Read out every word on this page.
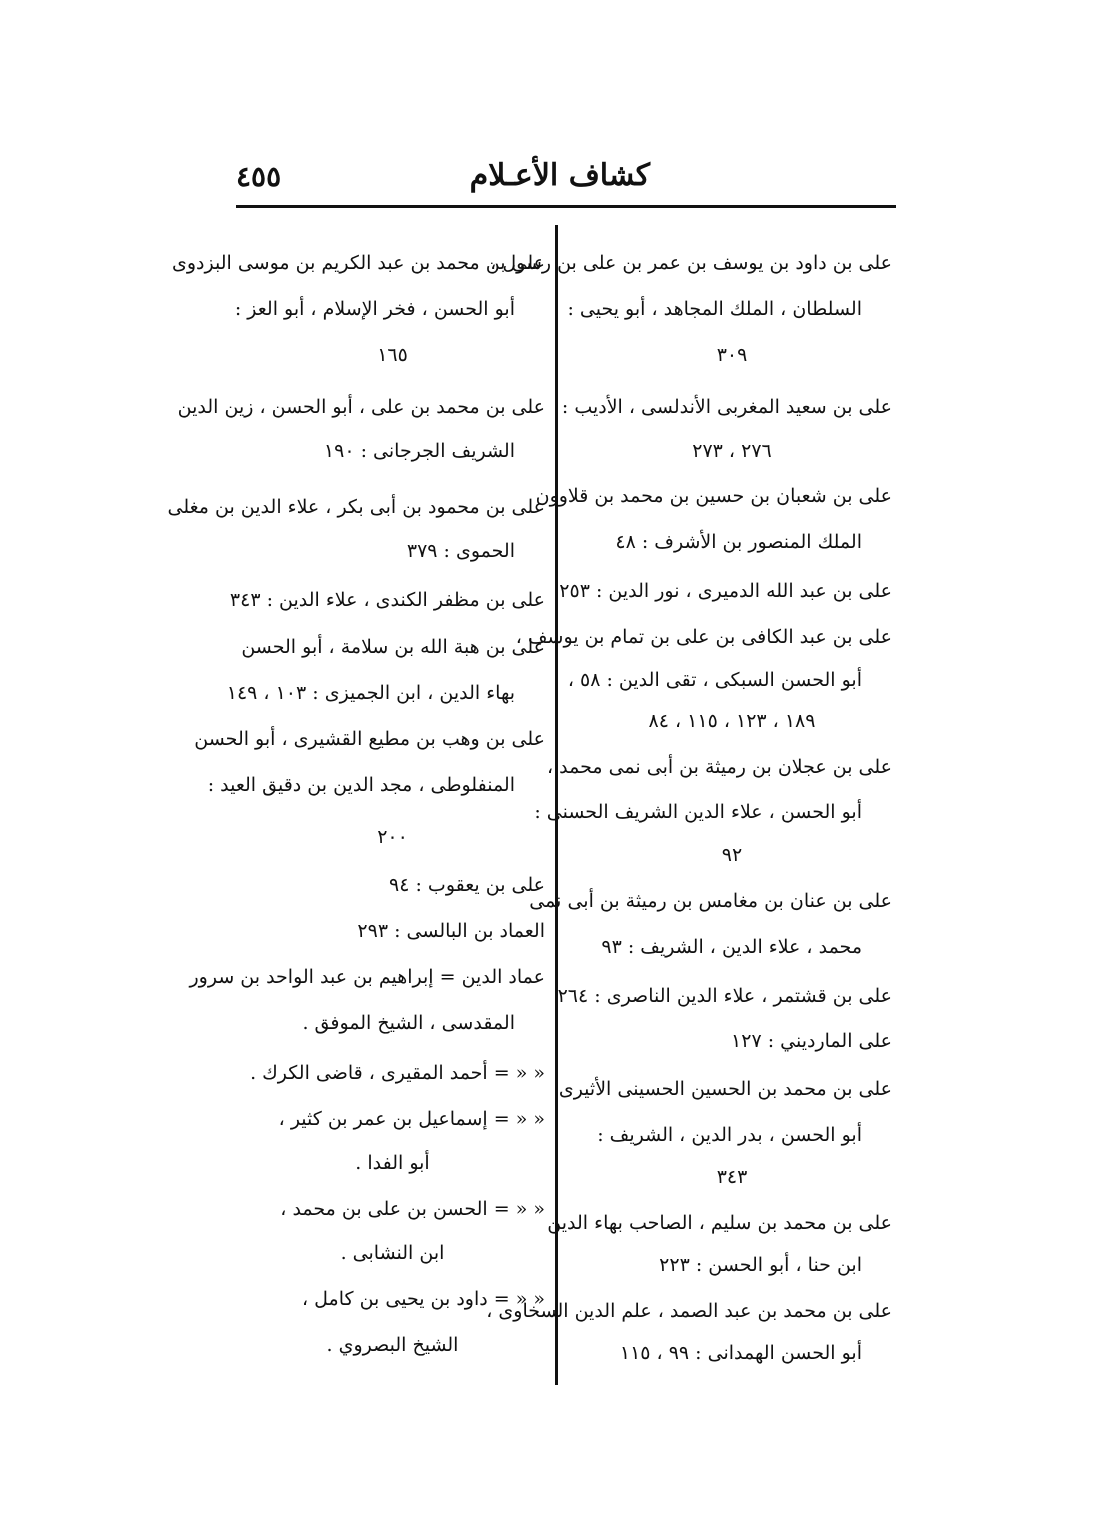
كشاف الأعـلام
٤٥٥
على بن داود بن يوسف بن عمر بن على بن رسول ،
السلطان ، الملك المجاهد ، أبو يحيى :
٣٠٩
على بن سعيد المغربى الأندلسى ، الأديب :
٢٧٦ ، ٢٧٣
على بن شعبان بن حسين بن محمد بن قلاوون
الملك المنصور بن الأشرف : ٤٨
على بن عبد الله الدميرى ، نور الدين : ٢٥٣
على بن عبد الكافى بن على بن تمام بن يوسف ،
أبو الحسن السبكى ، تقى الدين : ٥٨ ،
١٨٩ ، ١٢٣ ، ١١٥ ، ٨٤
على بن عجلان بن رميثة بن أبى نمى محمد ،
أبو الحسن ، علاء الدين الشريف الحسنى :
٩٢
على بن عنان بن مغامس بن رميثة بن أبى نمى
محمد ، علاء الدين ، الشريف : ٩٣
على بن قشتمر ، علاء الدين الناصرى : ٢٦٤
على المارديني : ١٢٧
على بن محمد بن الحسين الحسينى الأثيرى
أبو الحسن ، بدر الدين ، الشريف :
٣٤٣
على بن محمد بن سليم ، الصاحب بهاء الدين
ابن حنا ، أبو الحسن : ٢٢٣
على بن محمد بن عبد الصمد ، علم الدين السخاوى ،
أبو الحسن الهمدانى : ٩٩ ، ١١٥
على بن محمد بن عبد الكريم بن موسى البزدوى
أبو الحسن ، فخر الإسلام ، أبو العز :
١٦٥
على بن محمد بن على ، أبو الحسن ، زين الدين
الشريف الجرجانى : ١٩٠
على بن محمود بن أبى بكر ، علاء الدين بن مغلى
الحموى : ٣٧٩
على بن مظفر الكندى ، علاء الدين : ٣٤٣
على بن هبة الله بن سلامة ، أبو الحسن
بهاء الدين ، ابن الجميزى : ١٠٣ ، ١٤٩
على بن وهب بن مطيع القشيرى ، أبو الحسن
المنفلوطى ، مجد الدين بن دقيق العيد :
٢٠٠
على بن يعقوب : ٩٤
العماد بن البالسى : ٢٩٣
عماد الدين = إبراهيم بن عبد الواحد بن سرور
المقدسى ، الشيخ الموفق .
« « = أحمد المقيرى ، قاضى الكرك .
« « = إسماعيل بن عمر بن كثير ،
أبو الفدا .
« « = الحسن بن على بن محمد ،
ابن النشابى .
« « = داود بن يحيى بن كامل ،
الشيخ البصروي .
